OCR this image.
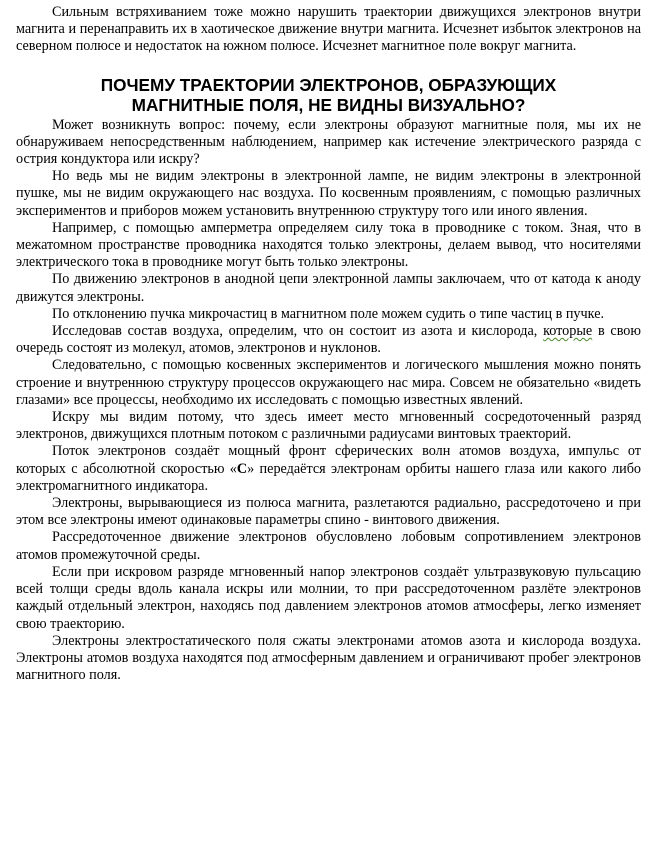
Сильным встряхиванием тоже можно нарушить траектории движущихся электронов внутри магнита и перенаправить их в хаотическое движение внутри магнита. Исчезнет избыток электронов на северном полюсе и недостаток на южном полюсе. Исчезнет магнитное поле вокруг магнита.

ПОЧЕМУ ТРАЕКТОРИИ ЭЛЕКТРОНОВ, ОБРАЗУЮЩИХ МАГНИТНЫЕ ПОЛЯ, НЕ ВИДНЫ ВИЗУАЛЬНО?

Может возникнуть вопрос: почему, если электроны образуют магнитные поля, мы их не обнаруживаем непосредственным наблюдением, например как истечение электрического разряда с острия кондуктора или искру?

Но ведь мы не видим электроны в электронной лампе, не видим электроны в электронной пушке, мы не видим окружающего нас воздуха. По косвенным проявлениям, с помощью различных экспериментов и приборов можем установить внутреннюю структуру того или иного явления.

Например, с помощью амперметра определяем силу тока в проводнике с током. Зная, что в межатомном пространстве проводника находятся только электроны, делаем вывод, что носителями электрического тока в проводнике могут быть только электроны.

По движению электронов в анодной цепи электронной лампы заключаем, что от катода к аноду движутся электроны.

По отклонению пучка микрочастиц в магнитном поле можем судить о типе частиц в пучке.

Исследовав состав воздуха, определим, что он состоит из азота и кислорода, которые в свою очередь состоят из молекул, атомов, электронов и нуклонов.

Следовательно, с помощью косвенных экспериментов и логического мышления можно понять строение и внутреннюю структуру процессов окружающего нас мира. Совсем не обязательно «видеть глазами» все процессы, необходимо их исследовать с помощью известных явлений.

Искру мы видим потому, что здесь имеет место мгновенный сосредоточенный разряд электронов, движущихся плотным потоком с различными радиусами винтовых траекторий.

Поток электронов создаёт мощный фронт сферических волн атомов воздуха, импульс от которых с абсолютной скоростью «С» передаётся электронам орбиты нашего глаза или какого либо электромагнитного индикатора.

Электроны, вырывающиеся из полюса магнита, разлетаются радиально, рассредоточено и при этом все электроны имеют одинаковые параметры спино - винтового движения.

Рассредоточенное движение электронов обусловлено лобовым сопротивлением электронов атомов промежуточной среды.

Если при искровом разряде мгновенный напор электронов создаёт ультразвуковую пульсацию всей толщи среды вдоль канала искры или молнии, то при рассредоточенном разлёте электронов каждый отдельный электрон, находясь под давлением электронов атомов атмосферы, легко изменяет свою траекторию.

Электроны электростатического поля сжаты электронами атомов азота и кислорода воздуха. Электроны атомов воздуха находятся под атмосферным давлением и ограничивают пробег электронов магнитного поля.
